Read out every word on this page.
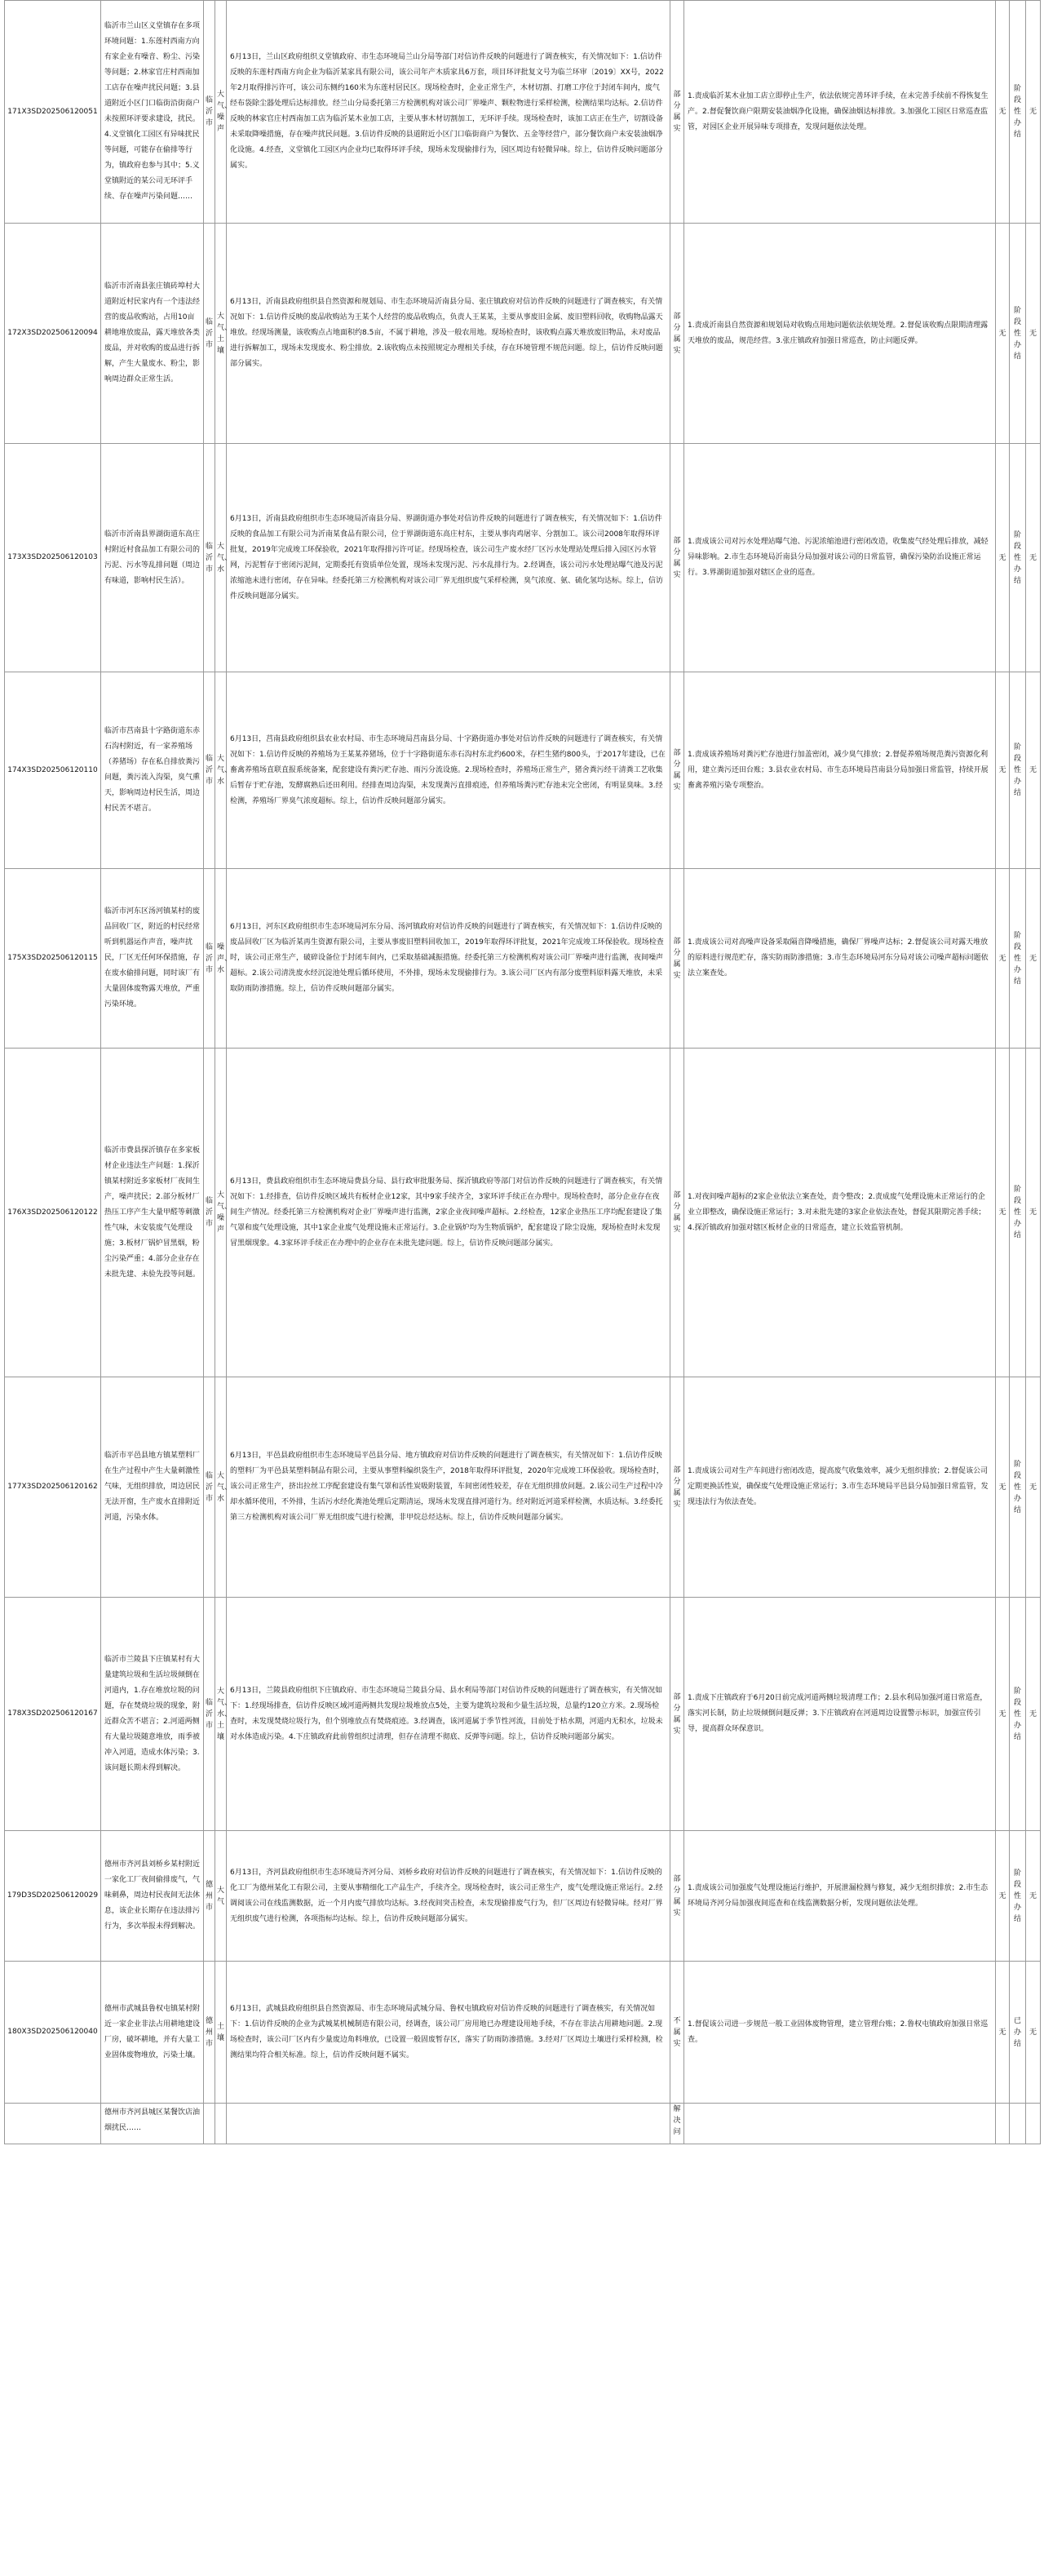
171X3SD202506120051	临沂市兰山区义堂镇存在多项环境问题：1.东莲村西南方向有家企业有噪音、粉尘、污染等问题；2.林家官庄村西南加工店存在噪声扰民问题；3.县道附近小区门口临街沿街商户未按照环评要求建设，扰民。4.义堂镇化工园区有异味扰民等问题，可能存在偷排等行为，镇政府也参与其中；5.义堂镇附近的某公司无环评手续、存在噪声污染问题……	临沂市	大气、噪声	6月13日，兰山区政府组织义堂镇政府、市生态环境局兰山分局等部门对信访件反映的问题进行了调查核实，有关情况如下：1.信访件反映的东莲村西南方向企业为临沂某家具有限公司，该公司年产木质家具6万套，项目环评批复文号为临兰环审〔2019〕XX号，2022年2月取得排污许可，该公司东侧约160米为东莲村居民区。现场检查时，企业正常生产，木材切割、打磨工序位于封闭车间内，废气经布袋除尘器处理后达标排放。经兰山分局委托第三方检测机构对该公司厂界噪声、颗粒物进行采样检测，检测结果均达标。2.信访件反映的林家官庄村西南加工店为临沂某木业加工店，主要从事木材切割加工，无环评手续。现场检查时，该加工店正在生产，切割设备未采取降噪措施，存在噪声扰民问题。3.信访件反映的县道附近小区门口临街商户为餐饮、五金等经营户，部分餐饮商户未安装油烟净化设施。4.经查，义堂镇化工园区内企业均已取得环评手续，现场未发现偷排行为，园区周边有轻微异味。综上，信访件反映问题部分属实。	部分属实	1.责成临沂某木业加工店立即停止生产，依法依规完善环评手续，在未完善手续前不得恢复生产。2.督促餐饮商户限期安装油烟净化设施，确保油烟达标排放。3.加强化工园区日常巡查监管，对园区企业开展异味专项排查，发现问题依法处理。	无	阶段性办结	无

172X3SD202506120094	临沂市沂南县张庄镇砖埠村大道附近村民家内有一个违法经营的废品收购站，占用10亩耕地堆放废品，露天堆放各类废品，并对收购的废品进行拆解，产生大量废水、粉尘，影响周边群众正常生活。	临沂市	大气、土壤	6月13日，沂南县政府组织县自然资源和规划局、市生态环境局沂南县分局、张庄镇政府对信访件反映的问题进行了调查核实，有关情况如下：1.信访件反映的废品收购站为王某个人经营的废品收购点，负责人王某某，主要从事废旧金属、废旧塑料回收，收购物品露天堆放。经现场测量，该收购点占地面积约8.5亩，不属于耕地，涉及一般农用地。现场检查时，该收购点露天堆放废旧物品，未对废品进行拆解加工，现场未发现废水、粉尘排放。2.该收购点未按照规定办理相关手续，存在环境管理不规范问题。综上，信访件反映问题部分属实。	部分属实	1.责成沂南县自然资源和规划局对收购点用地问题依法依规处理。2.督促该收购点限期清理露天堆放的废品，规范经营。3.张庄镇政府加强日常巡查，防止问题反弹。	无	阶段性办结	无

173X3SD202506120103	临沂市沂南县界湖街道东高庄村附近村食品加工有限公司的污泥、污水等乱排问题（周边有味道，影响村民生活）。	临沂市	大气、水	6月13日，沂南县政府组织市生态环境局沂南县分局、界湖街道办事处对信访件反映的问题进行了调查核实，有关情况如下：1.信访件反映的食品加工有限公司为沂南某食品有限公司，位于界湖街道东高庄村东，主要从事肉鸡屠宰、分割加工。该公司2008年取得环评批复，2019年完成竣工环保验收，2021年取得排污许可证。经现场检查，该公司生产废水经厂区污水处理站处理后排入园区污水管网，污泥暂存于密闭污泥间，定期委托有资质单位处置，现场未发现污泥、污水乱排行为。2.经调查，该公司污水处理站曝气池及污泥浓缩池未进行密闭，存在异味。经委托第三方检测机构对该公司厂界无组织废气采样检测，臭气浓度、氨、硫化氢均达标。综上，信访件反映问题部分属实。	部分属实	1.责成该公司对污水处理站曝气池、污泥浓缩池进行密闭改造，收集废气经处理后排放，减轻异味影响。2.市生态环境局沂南县分局加强对该公司的日常监管，确保污染防治设施正常运行。3.界湖街道加强对辖区企业的巡查。	无	阶段性办结	无

174X3SD202506120110	临沂市莒南县十字路街道东赤石沟村附近，有一家养殖场（养猪场）存在私自排放粪污问题，粪污流入沟渠，臭气熏天，影响周边村民生活，周边村民苦不堪言。	临沂市	大气、水	6月13日，莒南县政府组织县农业农村局、市生态环境局莒南县分局、十字路街道办事处对信访件反映的问题进行了调查核实，有关情况如下：1.信访件反映的养殖场为王某某养猪场，位于十字路街道东赤石沟村东北约600米，存栏生猪约800头，于2017年建设，已在畜禽养殖场直联直报系统备案，配套建设有粪污贮存池、雨污分流设施。2.现场检查时，养殖场正常生产，猪舍粪污经干清粪工艺收集后暂存于贮存池，发酵腐熟后还田利用。经排查周边沟渠，未发现粪污直排痕迹，但养殖场粪污贮存池未完全密闭，有明显臭味。3.经检测，养殖场厂界臭气浓度超标。综上，信访件反映问题部分属实。	部分属实	1.责成该养殖场对粪污贮存池进行加盖密闭，减少臭气排放；2.督促养殖场规范粪污资源化利用，建立粪污还田台账；3.县农业农村局、市生态环境局莒南县分局加强日常监管，持续开展畜禽养殖污染专项整治。	无	阶段性办结	无

175X3SD202506120115	临沂市河东区汤河镇某村的废品回收厂区，附近的村民经常听到机器运作声音，噪声扰民，厂区无任何环保措施，存在废水偷排问题，同时该厂有大量固体废物露天堆放，严重污染环境。	临沂市	噪声、水	6月13日，河东区政府组织市生态环境局河东分局、汤河镇政府对信访件反映的问题进行了调查核实，有关情况如下：1.信访件反映的废品回收厂区为临沂某再生资源有限公司，主要从事废旧塑料回收加工，2019年取得环评批复，2021年完成竣工环保验收。现场检查时，该公司正常生产，破碎设备位于封闭车间内，已采取基础减振措施。经委托第三方检测机构对该公司厂界噪声进行监测，夜间噪声超标。2.该公司清洗废水经沉淀池处理后循环使用，不外排，现场未发现偷排行为。3.该公司厂区内有部分废塑料原料露天堆放，未采取防雨防渗措施。综上，信访件反映问题部分属实。	部分属实	1.责成该公司对高噪声设备采取隔音降噪措施，确保厂界噪声达标；2.督促该公司对露天堆放的原料进行规范贮存，落实防雨防渗措施；3.市生态环境局河东分局对该公司噪声超标问题依法立案查处。	无	阶段性办结	无

176X3SD202506120122	临沂市费县探沂镇存在多家板材企业违法生产问题：1.探沂镇某村附近多家板材厂夜间生产，噪声扰民；2.部分板材厂热压工序产生大量甲醛等刺激性气味，未安装废气处理设施；3.板材厂锅炉冒黑烟，粉尘污染严重；4.部分企业存在未批先建、未验先投等问题。	临沂市	大气、噪声	6月13日，费县政府组织市生态环境局费县分局、县行政审批服务局、探沂镇政府等部门对信访件反映的问题进行了调查核实，有关情况如下：1.经排查，信访件反映区域共有板材企业12家，其中9家手续齐全，3家环评手续正在办理中。现场检查时，部分企业存在夜间生产情况。经委托第三方检测机构对企业厂界噪声进行监测，2家企业夜间噪声超标。2.经检查，12家企业热压工序均配套建设了集气罩和废气处理设施，其中1家企业废气处理设施未正常运行。3.企业锅炉均为生物质锅炉，配套建设了除尘设施，现场检查时未发现冒黑烟现象。4.3家环评手续正在办理中的企业存在未批先建问题。综上，信访件反映问题部分属实。	部分属实	1.对夜间噪声超标的2家企业依法立案查处，责令整改；2.责成废气处理设施未正常运行的企业立即整改，确保设施正常运行；3.对未批先建的3家企业依法查处，督促其限期完善手续；4.探沂镇政府加强对辖区板材企业的日常巡查，建立长效监管机制。	无	阶段性办结	无

177X3SD202506120162	临沂市平邑县地方镇某塑料厂在生产过程中产生大量刺激性气味，无组织排放，周边居民无法开窗，生产废水直排附近河道，污染水体。	临沂市	大气、水	6月13日，平邑县政府组织市生态环境局平邑县分局、地方镇政府对信访件反映的问题进行了调查核实，有关情况如下：1.信访件反映的塑料厂为平邑县某塑料制品有限公司，主要从事塑料编织袋生产，2018年取得环评批复，2020年完成竣工环保验收。现场检查时，该公司正常生产，挤出拉丝工序配套建设有集气罩和活性炭吸附装置，车间密闭性较差，存在无组织排放问题。2.该公司生产过程中冷却水循环使用，不外排，生活污水经化粪池处理后定期清运，现场未发现直排河道行为。经对附近河道采样检测，水质达标。3.经委托第三方检测机构对该公司厂界无组织废气进行检测，非甲烷总烃达标。综上，信访件反映问题部分属实。	部分属实	1.责成该公司对生产车间进行密闭改造，提高废气收集效率，减少无组织排放；2.督促该公司定期更换活性炭，确保废气处理设施正常运行；3.市生态环境局平邑县分局加强日常监管，发现违法行为依法查处。	无	阶段性办结	无

178X3SD202506120167	临沂市兰陵县下庄镇某村有大量建筑垃圾和生活垃圾倾倒在河道内，1.存在堆放垃圾的问题，存在焚烧垃圾的现象，附近群众苦不堪言；2.河道两侧有大量垃圾随意堆放，雨季被冲入河道，造成水体污染；3.该问题长期未得到解决。	临沂市	大气、水、土壤	6月13日，兰陵县政府组织下庄镇政府、市生态环境局兰陵县分局、县水利局等部门对信访件反映的问题进行了调查核实，有关情况如下：1.经现场排查，信访件反映区域河道两侧共发现垃圾堆放点5处，主要为建筑垃圾和少量生活垃圾，总量约120立方米。2.现场检查时，未发现焚烧垃圾行为，但个别堆放点有焚烧痕迹。3.经调查，该河道属于季节性河流，目前处于枯水期，河道内无积水，垃圾未对水体造成污染。4.下庄镇政府此前曾组织过清理，但存在清理不彻底、反弹等问题。综上，信访件反映问题部分属实。	部分属实	1.责成下庄镇政府于6月20日前完成河道两侧垃圾清理工作；2.县水利局加强河道日常巡查，落实河长制，防止垃圾倾倒问题反弹；3.下庄镇政府在河道周边设置警示标识，加强宣传引导，提高群众环保意识。	无	阶段性办结	无

179D3SD202506120029	德州市齐河县刘桥乡某村附近一家化工厂夜间偷排废气，气味刺鼻，周边村民夜间无法休息，该企业长期存在违法排污行为，多次举报未得到解决。	德州市	大气	6月13日，齐河县政府组织市生态环境局齐河分局、刘桥乡政府对信访件反映的问题进行了调查核实，有关情况如下：1.信访件反映的化工厂为德州某化工有限公司，主要从事精细化工产品生产，手续齐全。现场检查时，该公司正常生产，废气处理设施正常运行。2.经调阅该公司在线监测数据，近一个月内废气排放均达标。3.经夜间突击检查，未发现偷排废气行为，但厂区周边有轻微异味。经对厂界无组织废气进行检测，各项指标均达标。综上，信访件反映问题部分属实。	部分属实	1.责成该公司加强废气处理设施运行维护，开展泄漏检测与修复，减少无组织排放；2.市生态环境局齐河分局加强夜间巡查和在线监测数据分析，发现问题依法处理。	无	阶段性办结	无

180X3SD202506120040	德州市武城县鲁权屯镇某村附近一家企业非法占用耕地建设厂房，破坏耕地，并有大量工业固体废物堆放，污染土壤。	德州市	土壤	6月13日，武城县政府组织县自然资源局、市生态环境局武城分局、鲁权屯镇政府对信访件反映的问题进行了调查核实，有关情况如下：1.信访件反映的企业为武城某机械制造有限公司，经调查，该公司厂房用地已办理建设用地手续，不存在非法占用耕地问题。2.现场检查时，该公司厂区内有少量废边角料堆放，已设置一般固废暂存区，落实了防雨防渗措施。3.经对厂区周边土壤进行采样检测，检测结果均符合相关标准。综上，信访件反映问题不属实。	不属实	1.督促该公司进一步规范一般工业固体废物管理，建立管理台账；2.鲁权屯镇政府加强日常巡查。	无	已办结	无

	德州市齐河县城区某餐饮店油烟扰民……				解决问				
